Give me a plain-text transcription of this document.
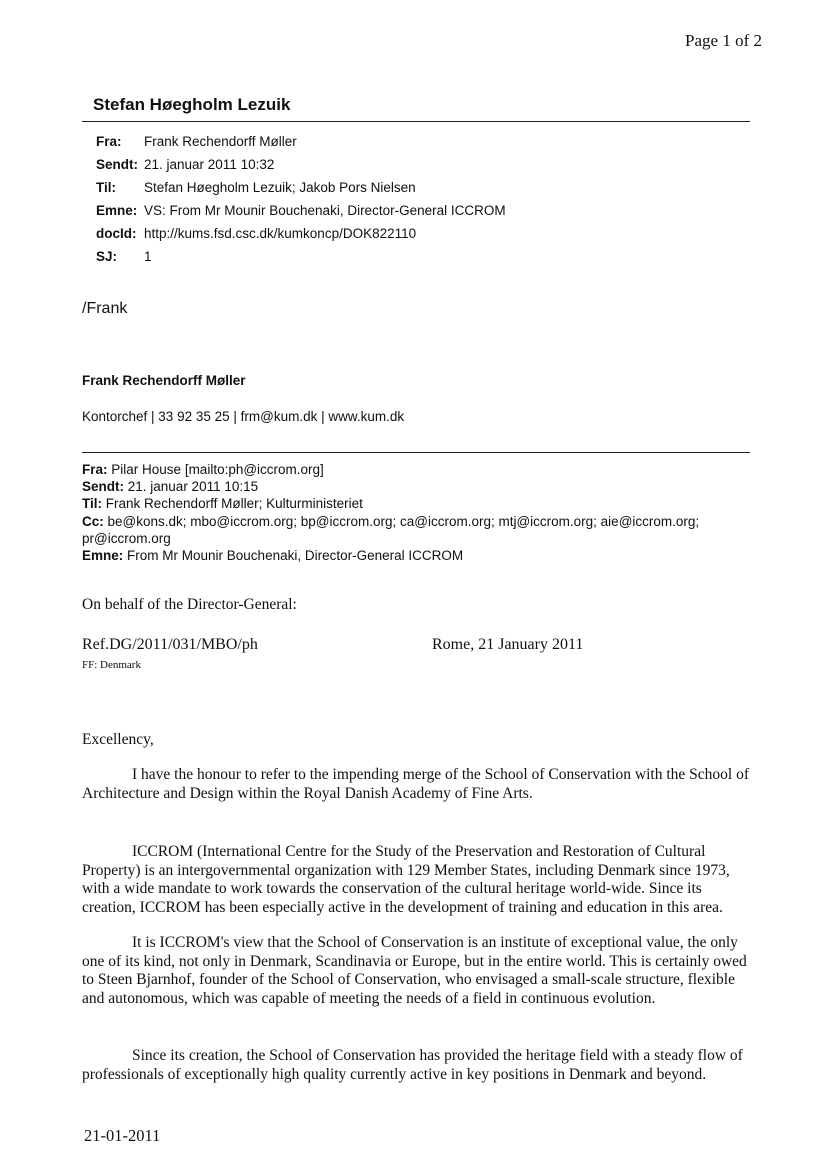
Page 1 of 2
Stefan Høegholm Lezuik
Fra: Frank Rechendorff Møller
Sendt: 21. januar 2011 10:32
Til: Stefan Høegholm Lezuik; Jakob Pors Nielsen
Emne: VS: From Mr Mounir Bouchenaki, Director-General ICCROM
docId: http://kums.fsd.csc.dk/kumkoncp/DOK822110
SJ: 1
/Frank
Frank Rechendorff Møller
Kontorchef | 33 92 35 25 | frm@kum.dk | www.kum.dk
Fra: Pilar House [mailto:ph@iccrom.org]
Sendt: 21. januar 2011 10:15
Til: Frank Rechendorff Møller; Kulturministeriet
Cc: be@kons.dk; mbo@iccrom.org; bp@iccrom.org; ca@iccrom.org; mtj@iccrom.org; aie@iccrom.org; pr@iccrom.org
Emne: From Mr Mounir Bouchenaki, Director-General ICCROM
On behalf of the Director-General:
Ref.DG/2011/031/MBO/ph	Rome, 21 January 2011
FF: Denmark
Excellency,
I have the honour to refer to the impending merge of the School of Conservation with the School of Architecture and Design within the Royal Danish Academy of Fine Arts.
ICCROM (International Centre for the Study of the Preservation and Restoration of Cultural Property) is an intergovernmental organization with 129 Member States, including Denmark since 1973, with a wide mandate to work towards the conservation of the cultural heritage world-wide. Since its creation, ICCROM has been especially active in the development of training and education in this area.
It is ICCROM's view that the School of Conservation is an institute of exceptional value, the only one of its kind, not only in Denmark, Scandinavia or Europe, but in the entire world. This is certainly owed to Steen Bjarnhof, founder of the School of Conservation, who envisaged a small-scale structure, flexible and autonomous, which was capable of meeting the needs of a field in continuous evolution.
Since its creation, the School of Conservation has provided the heritage field with a steady flow of professionals of exceptionally high quality currently active in key positions in Denmark and beyond.
21-01-2011
